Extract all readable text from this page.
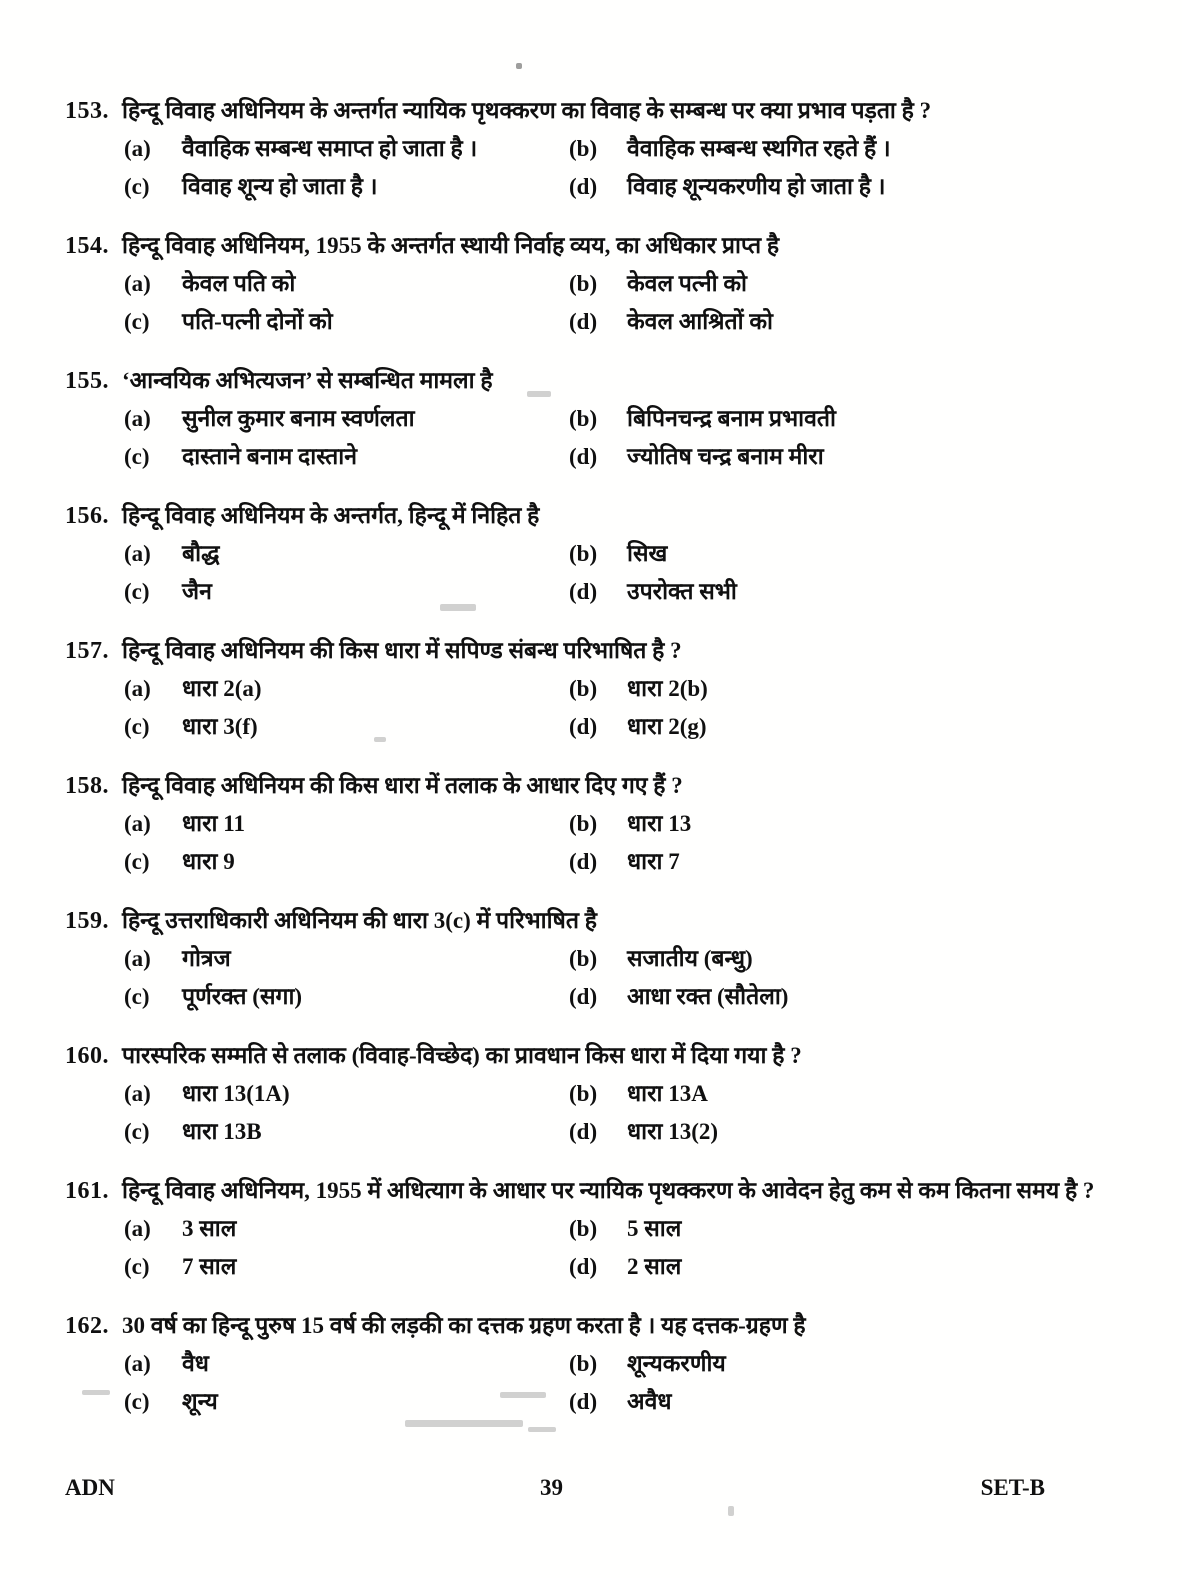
153. हिन्दू विवाह अधिनियम के अन्तर्गत न्यायिक पृथक्करण का विवाह के सम्बन्ध पर क्या प्रभाव पड़ता है ?

(a)	वैवाहिक सम्बन्ध समाप्त हो जाता है ।	(b)	वैवाहिक सम्बन्ध स्थगित रहते हैं ।
(c)	विवाह शून्य हो जाता है ।	(d)	विवाह शून्यकरणीय हो जाता है ।
154. हिन्दू विवाह अधिनियम, 1955 के अन्तर्गत स्थायी निर्वाह व्यय, का अधिकार प्राप्त है

(a)	केवल पति को	(b)	केवल पत्नी को
(c)	पति-पत्नी दोनों को	(d)	केवल आश्रितों को
155. ‘आन्वयिक अभित्यजन’ से सम्बन्धित मामला है

(a)	सुनील कुमार बनाम स्वर्णलता	(b)	बिपिनचन्द्र बनाम प्रभावती
(c)	दास्ताने बनाम दास्ताने	(d)	ज्योतिष चन्द्र बनाम मीरा
156. हिन्दू विवाह अधिनियम के अन्तर्गत, हिन्दू में निहित है

(a)	बौद्ध	(b)	सिख
(c)	जैन	(d)	उपरोक्त सभी
157. हिन्दू विवाह अधिनियम की किस धारा में सपिण्ड संबन्ध परिभाषित है ?

(a)	धारा 2(a)	(b)	धारा 2(b)
(c)	धारा 3(f)	(d)	धारा 2(g)
158. हिन्दू विवाह अधिनियम की किस धारा में तलाक के आधार दिए गए हैं ?

(a)	धारा 11	(b)	धारा 13
(c)	धारा 9	(d)	धारा 7
159. हिन्दू उत्तराधिकारी अधिनियम की धारा 3(c) में परिभाषित है

(a)	गोत्रज	(b)	सजातीय (बन्धु)
(c)	पूर्णरक्त (सगा)	(d)	आधा रक्त (सौतेला)
160. पारस्परिक सम्मति से तलाक (विवाह-विच्छेद) का प्रावधान किस धारा में दिया गया है ?

(a)	धारा 13(1A)	(b)	धारा 13A
(c)	धारा 13B	(d)	धारा 13(2)
161. हिन्दू विवाह अधिनियम, 1955 में अधित्याग के आधार पर न्यायिक पृथक्करण के आवेदन हेतु कम से कम कितना समय है ?

(a)	3 साल	(b)	5 साल
(c)	7 साल	(d)	2 साल
162. 30 वर्ष का हिन्दू पुरुष 15 वर्ष की लड़की का दत्तक ग्रहण करता है । यह दत्तक-ग्रहण है

(a)	वैध	(b)	शून्यकरणीय
(c)	शून्य	(d)	अवैध
ADN	39	SET-B
